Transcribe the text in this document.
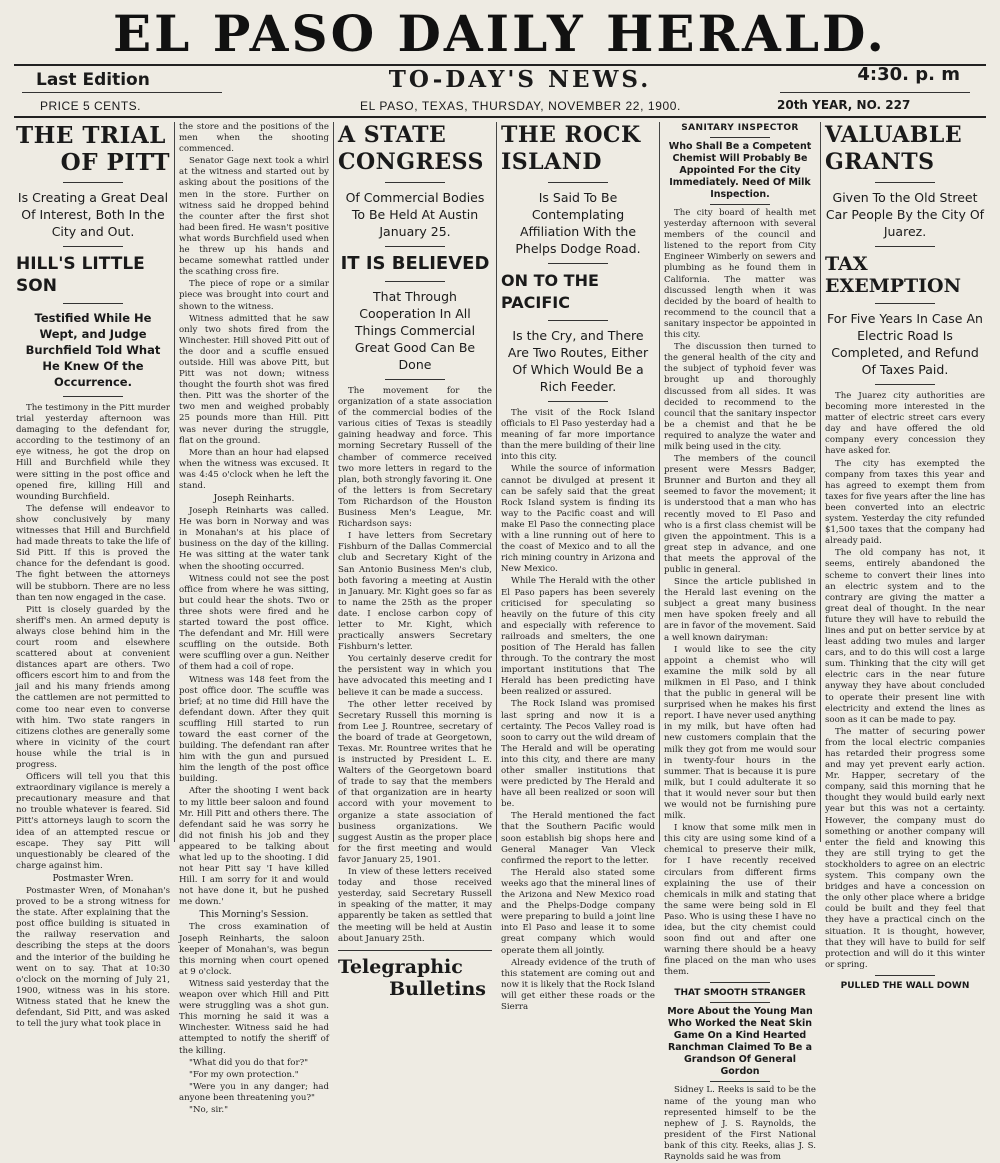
EL PASO DAILY HERALD.
Last Edition	TO-DAY'S NEWS.	4:30. p. m
PRICE 5 CENTS.	EL PASO, TEXAS, THURSDAY, NOVEMBER 22, 1900.	20th YEAR, NO. 227
THE TRIAL
OF PITT
Is Creating a Great Deal Of Interest, Both In the City and Out.
HILL'S LITTLE SON
Testified While He Wept, and Judge Burchfield Told What He Knew Of the Occurrence.

The testimony in the Pitt murder trial yesterday afternoon was damaging to the defendant for, according to the testimony of an eye witness, he got the drop on Hill and Burchfield while they were sitting in the post office and opened fire, killing Hill and wounding Burchfield.

The defense will endeavor to show conclusively by many witnesses that Hill and Burchfield had made threats to take the life of Sid Pitt. If this is proved the chance for the defendant is good. The fight between the attorneys will be stubborn. There are no less than ten now engaged in the case.

Pitt is closely guarded by the sheriff's men. An armed deputy is always close behind him in the court room and elsewhere scattered about at convenient distances apart are others. Two officers escort him to and from the jail and his many friends among the cattlemen are not permitted to come too near even to converse with him. Two state rangers in citizens clothes are generally some where in vicinity of the court house while the trial is in progress.

Officers will tell you that this extraordinary vigilance is merely a precautionary measure and that no trouble whatever is feared. Sid Pitt's attorneys laugh to scorn the idea of an attempted rescue or escape. They say Pitt will unquestionably be cleared of the charge against him.

Postmaster Wren.

Postmaster Wren, of Monahan's proved to be a strong witness for the state. After explaining that the post office building is situated in the railway reservation and describing the steps at the doors and the interior of the building he went on to say. That at 10:30 o'clock on the morning of July 21, 1900, witness was in his store. Witness stated that he knew the defendant, Sid Pitt, and was asked to tell the jury what took place in

the store and the positions of the men when the shooting commenced.

Senator Gage next took a whirl at the witness and started out by asking about the positions of the men in the store. Further on witness said he dropped behind the counter after the first shot had been fired. He wasn't positive what words Burchfield used when he threw up his hands and became somewhat rattled under the scathing cross fire.

The piece of rope or a similar piece was brought into court and shown to the witness.

Witness admitted that he saw only two shots fired from the Winchester. Hill shoved Pitt out of the door and a scuffle ensued outside. Hill was above Pitt, but Pitt was not down; witness thought the fourth shot was fired then. Pitt was the shorter of the two men and weighed probably 25 pounds more than Hill. Pitt was never during the struggle, flat on the ground.

More than an hour had elapsed when the witness was excused. It was 4:45 o'clock when he left the stand.

Joseph Reinharts.

Joseph Reinharts was called. He was born in Norway and was in Monahan's at his place of business on the day of the killing. He was sitting at the water tank when the shooting occurred.

Witness could not see the post office from where he was sitting, but could hear the shots. Two or three shots were fired and he started toward the post office. The defendant and Mr. Hill were scuffling on the outside. Both were scuffling over a gun. Neither of them had a coil of rope.

Witness was 148 feet from the post office door. The scuffle was brief; at no time did Hill have the defendant down. After they quit scuffling Hill started to run toward the east corner of the building. The defendant ran after him with the gun and pursued him the length of the post office building.

After the shooting I went back to my little beer saloon and found Mr. Hill Pitt and others there. The defendant said he was sorry he did not finish his job and they appeared to be talking about what led up to the shooting. I did not hear Pitt say 'I have killed Hill. I am sorry for it and would not have done it, but he pushed me down.'

This Morning's Session.

The cross examination of Joseph Reinharts, the saloon keeper of Monahan's, was begun this morning when court opened at 9 o'clock.

Witness said yesterday that the weapon over which Hill and Pitt were struggling was a shot gun. This morning he said it was a Winchester. Witness said he had attempted to notify the sheriff of the killing.

"What did you do that for?"

"For my own protection."

"Were you in any danger; had anyone been threatening you?"

"No, sir."

A STATE CONGRESS
Of Commercial Bodies To Be Held At Austin January 25.
IT IS BELIEVED
That Through Cooperation In All Things Commercial Great Good Can Be Done

The movement for the organization of a state association of the commercial bodies of the various cities of Texas is steadily gaining headway and force. This morning Secretary Russell of the chamber of commerce received two more letters in regard to the plan, both strongly favoring it. One of the letters is from Secretary Tom Richardson of the Houston Business Men's League, Mr. Richardson says:

I have letters from Secretary Fishburn of the Dallas Commercial club and Secretary Kight of the San Antonio Business Men's club, both favoring a meeting at Austin in January. Mr. Kight goes so far as to name the 25th as the proper date. I enclose carbon copy of letter to Mr. Kight, which practically answers Secretary Fishburn's letter.

You certainly deserve credit for the persistent way in which you have advocated this meeting and I believe it can be made a success.

The other letter received by Secretary Russell this morning is from Lee J. Rountree, secretary of the board of trade at Georgetown, Texas. Mr. Rountree writes that he is instructed by President L. E. Walters of the Georgetown board of trade to say that the members of that organization are in hearty accord with your movement to organize a state association of business organizations. We suggest Austin as the proper place for the first meeting and would favor January 25, 1901.

In view of these letters received today and those received yesterday, said Secretary Russell in speaking of the matter, it may apparently be taken as settled that the meeting will be held at Austin about January 25th.

Telegraphic
Bulletins
THE ROCK ISLAND
Is Said To Be Contemplating Affiliation With the Phelps Dodge Road.
ON TO THE PACIFIC
Is the Cry, and There Are Two Routes, Either Of Which Would Be a Rich Feeder.

The visit of the Rock Island officials to El Paso yesterday had a meaning of far more importance than the mere building of their line into this city.

While the source of information cannot be divulged at present it can be safely said that the great Rock Island system is finding its way to the Pacific coast and will make El Paso the connecting place with a line running out of here to the coast of Mexico and to all the rich mining country in Arizona and New Mexico.

While The Herald with the other El Paso papers has been severely criticised for speculating so heavily on the future of this city and especially with reference to railroads and smelters, the one position of The Herald has fallen through. To the contrary the most important institutions that The Herald has been predicting have been realized or assured.

The Rock Island was promised last spring and now it is a certainty. The Pecos Valley road is soon to carry out the wild dream of The Herald and will be operating into this city, and there are many other smaller institutions that were predicted by The Herald and have all been realized or soon will be.

The Herald mentioned the fact that the Southern Pacific would soon establish big shops here and General Manager Van Vleck confirmed the report to the letter.

The Herald also stated some weeks ago that the mineral lines of the Arizona and New Mexico road and the Phelps-Dodge company were preparing to build a joint line into El Paso and lease it to some great company which would operate them all jointly.

Already evidence of the truth of this statement are coming out and now it is likely that the Rock Island will get either these roads or the Sierra

SANITARY INSPECTOR
Who Shall Be a Competent Chemist Will Probably Be Appointed For the City Immediately. Need Of Milk Inspection.

The city board of health met yesterday afternoon with several members of the council and listened to the report from City Engineer Wimberly on sewers and plumbing as he found them in California. The matter was discussed length when it was decided by the board of health to recommend to the council that a sanitary inspector be appointed in this city.

The discussion then turned to the general health of the city and the subject of typhoid fever was brought up and thoroughly discussed from all sides. It was decided to recommend to the council that the sanitary inspector be a chemist and that he be required to analyze the water and milk being used in the city.

The members of the council present were Messrs Badger, Brunner and Burton and they all seemed to favor the movement; it is understood that a man who has recently moved to El Paso and who is a first class chemist will be given the appointment. This is a great step in advance, and one that meets the approval of the public in general.

Since the article published in the Herald last evening on the subject a great many business men have spoken freely and all are in favor of the movement. Said a well known dairyman:

I would like to see the city appoint a chemist who will examine the milk sold by all milkmen in El Paso, and I think that the public in general will be surprised when he makes his first report. I have never used anything in my milk, but have often had new customers complain that the milk they got from me would sour in twenty-four hours in the summer. That is because it is pure milk, but I could adulterate it so that it would never sour but then we would not be furnishing pure milk.

I know that some milk men in this city are using some kind of a chemical to preserve their milk, for I have recently received circulars from different firms explaining the use of their chemicals in milk and stating that the same were being sold in El Paso. Who is using these I have no idea, but the city chemist could soon find out and after one warning there should be a heavy fine placed on the man who uses them.

THAT SMOOTH STRANGER
More About the Young Man Who Worked the Neat Skin Game On a Kind Hearted Ranchman Claimed To Be a Grandson Of General Gordon

Sidney L. Reeks is said to be the name of the young man who represented himself to be the nephew of J. S. Raynolds, the president of the First National bank of this city. Reeks, alias J. S. Raynolds said he was from

VALUABLE GRANTS
Given To the Old Street Car People By the City Of Juarez.
TAX EXEMPTION
For Five Years In Case An Electric Road Is Completed, and Refund Of Taxes Paid.

The Juarez city authorities are becoming more interested in the matter of electric street cars every day and have offered the old company every concession they have asked for.

The city has exempted the company from taxes this year and has agreed to exempt them from taxes for five years after the line has been converted into an electric system. Yesterday the city refunded $1,500 taxes that the company had already paid.

The old company has not, it seems, entirely abandoned the scheme to convert their lines into an electric system and to the contrary are giving the matter a great deal of thought. In the near future they will have to rebuild the lines and put on better service by at least adding two mules and larger cars, and to do this will cost a large sum. Thinking that the city will get electric cars in the near future anyway they have about concluded to operate their present line with electricity and extend the lines as soon as it can be made to pay.

The matter of securing power from the local electric companies has retarded their progress some and may yet prevent early action. Mr. Happer, secretary of the company, said this morning that he thought they would build early next year but this was not a certainty. However, the company must do something or another company will enter the field and knowing this they are still trying to get the stockholders to agree on an electric system. This company own the bridges and have a concession on the only other place where a bridge could be built and they feel that they have a practical cinch on the situation. It is thought, however, that they will have to build for self protection and will do it this winter or spring.

PULLED THE WALL DOWN
